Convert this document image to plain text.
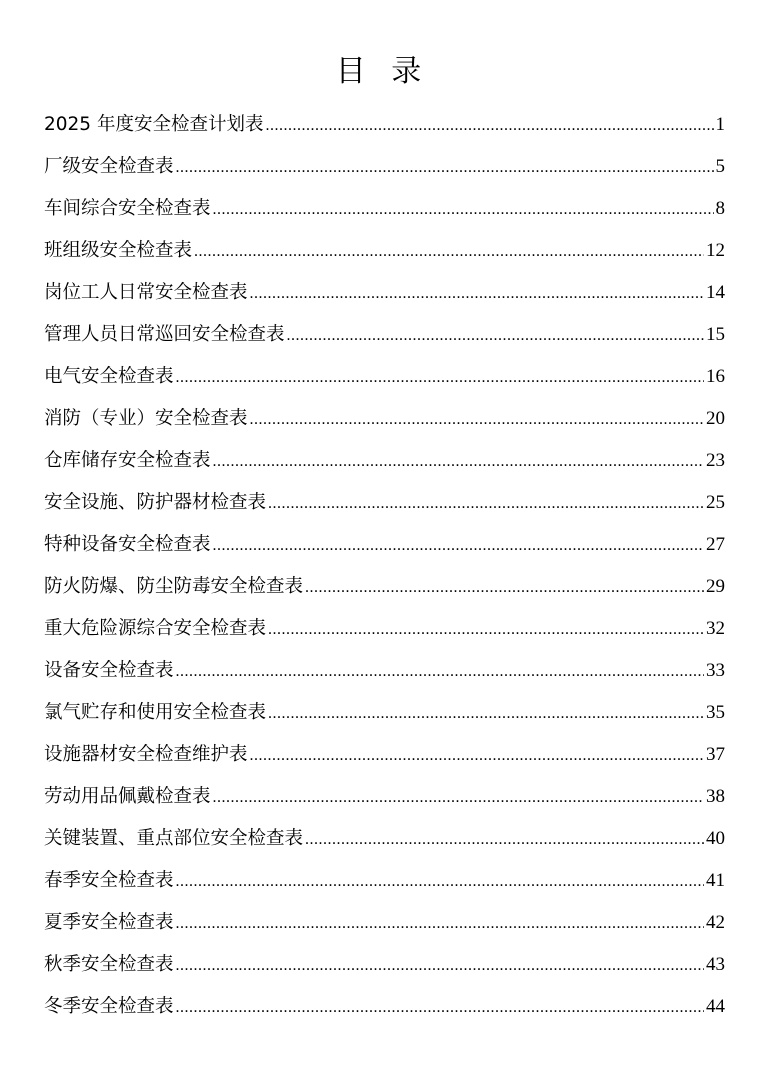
目 录
2025 年度安全检查计划表 .....	1
厂级安全检查表 .....	5
车间综合安全检查表 .....	8
班组级安全检查表 .....	12
岗位工人日常安全检查表 .....	14
管理人员日常巡回安全检查表 .....	15
电气安全检查表 .....	16
消防（专业）安全检查表 .....	20
仓库储存安全检查表 .....	23
安全设施、防护器材检查表 .....	25
特种设备安全检查表 .....	27
防火防爆、防尘防毒安全检查表 .....	29
重大危险源综合安全检查表 .....	32
设备安全检查表 .....	33
氯气贮存和使用安全检查表 .....	35
设施器材安全检查维护表 .....	37
劳动用品佩戴检查表 .....	38
关键装置、重点部位安全检查表 .....	40
春季安全检查表 .....	41
夏季安全检查表 .....	42
秋季安全检查表 .....	43
冬季安全检查表 .....	44
